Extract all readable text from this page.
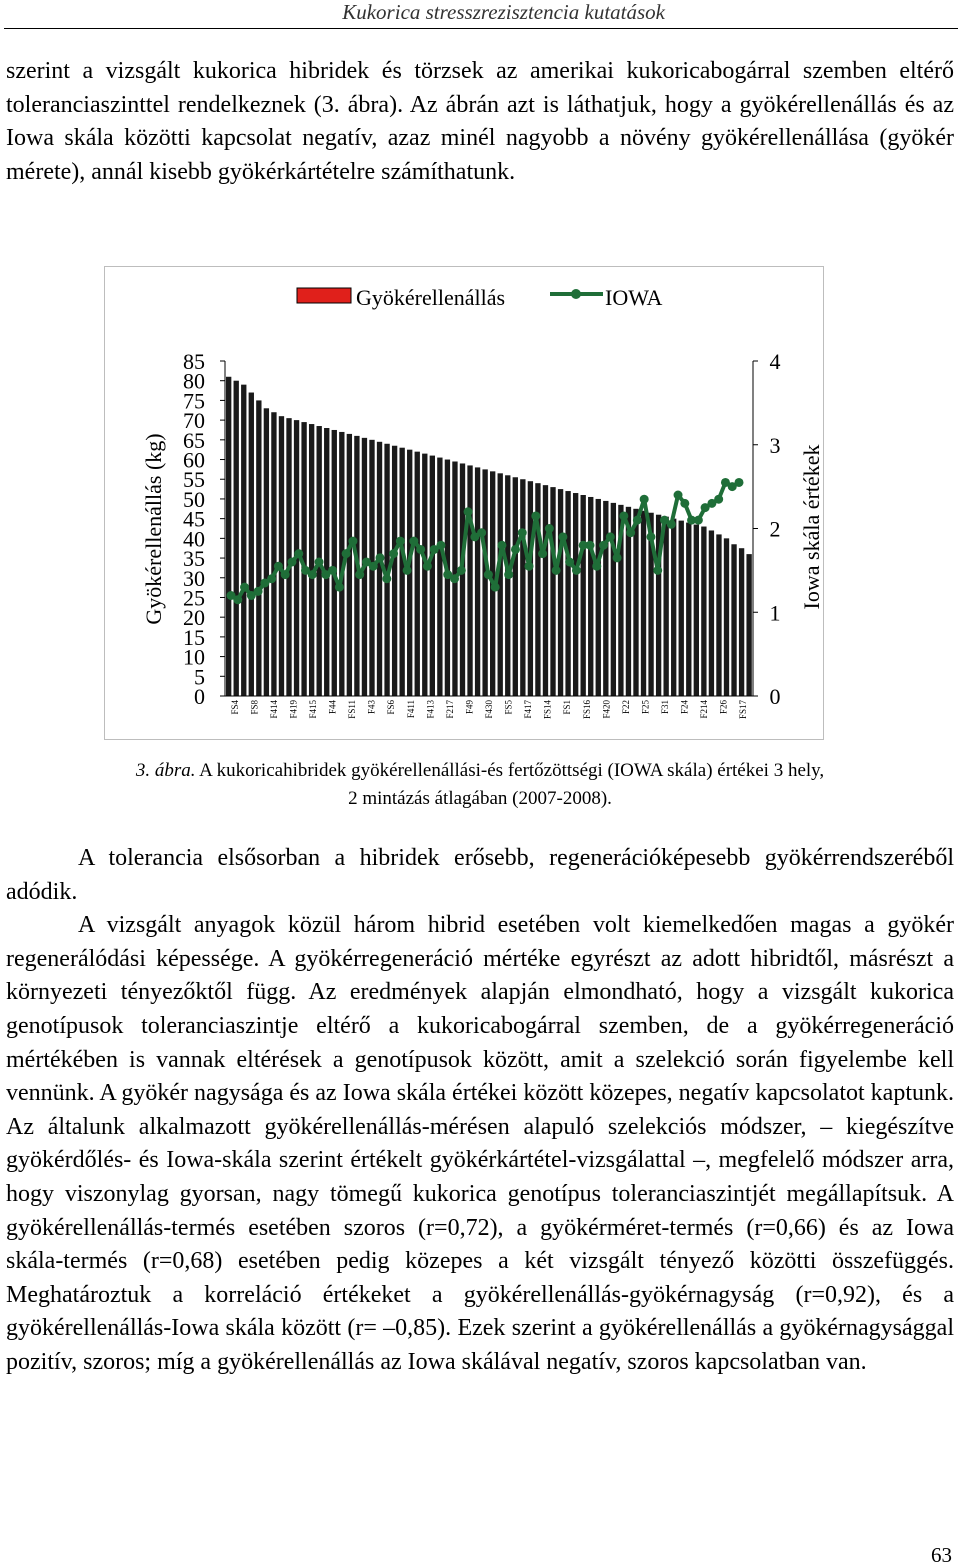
Kukorica stresszrezisztencia kutatások

szerint a vizsgált kukorica hibridek és törzsek az amerikai kukoricabogárral szemben eltérő toleranciaszinttel rendelkeznek (3. ábra). Az ábrán azt is láthatjuk, hogy a gyökérellenállás és az Iowa skála közötti kapcsolat negatív, azaz minél nagyobb a növény gyökérellenállása (gyökér mérete), annál kisebb gyökérkártételre számíthatunk.

Gyökérellenállás	IOWA
Gyökérellenállás (kg)	Iowa skála értékek
85
80
75
70
65
60
55
50
45
40
35
30
25
20
15
10
5
0
4
3
2
1
0
FS4 FS8 F414 F419 F415 F44 FS11 F43 FS6 F411 F413 F217 F49 F430 FS5 F417 FS14 FS1 FS16 F420 F22 F25 F31 F24 F214 F26 FS17
3. ábra. A kukoricahibridek gyökérellenállási-és fertőzöttségi (IOWA skála) értékei 3 hely,
2 mintázás átlagában (2007-2008).

A tolerancia elsősorban a hibridek erősebb, regenerációképesebb gyökérrendszeréből adódik.

A vizsgált anyagok közül három hibrid esetében volt kiemelkedően magas a gyökér regenerálódási képessége. A gyökérregeneráció mértéke egyrészt az adott hibridtől, másrészt a környezeti tényezőktől függ. Az eredmények alapján elmondható, hogy a vizsgált kukorica genotípusok toleranciaszintje eltérő a kukoricabogárral szemben, de a gyökérregeneráció mértékében is vannak eltérések a genotípusok között, amit a szelekció során figyelembe kell vennünk. A gyökér nagysága és az Iowa skála értékei között közepes, negatív kapcsolatot kaptunk. Az általunk alkalmazott gyökérellenállás-mérésen alapuló szelekciós módszer, – kiegészítve gyökérdőlés- és Iowa-skála szerint értékelt gyökérkártétel-vizsgálattal –, megfelelő módszer arra, hogy viszonylag gyorsan, nagy tömegű kukorica genotípus toleranciaszintjét megállapítsuk. A gyökérellenállás-termés esetében szoros (r=0,72), a gyökérméret-termés (r=0,66) és az Iowa skála-termés (r=0,68) esetében pedig közepes a két vizsgált tényező közötti összefüggés. Meghatároztuk a korreláció értékeket a gyökérellenállás-gyökérnagyság (r=0,92), és a gyökérellenállás-Iowa skála között (r= –0,85). Ezek szerint a gyökérellenállás a gyökérnagysággal pozitív, szoros; míg a gyökérellenállás az Iowa skálával negatív, szoros kapcsolatban van.

63
